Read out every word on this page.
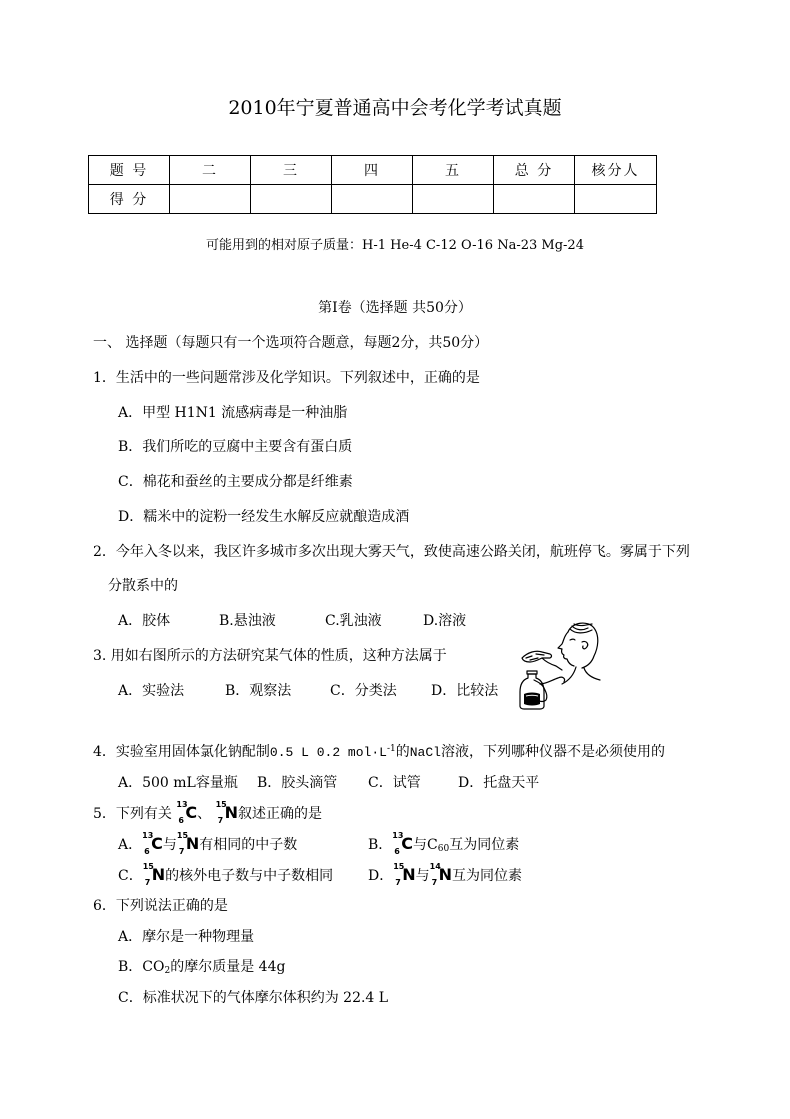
2010年宁夏普通高中会考化学考试真题
题 号	二	三	四	五	总 分	核分人
得 分						
可能用到的相对原子质量：H-1 He-4 C-12 O-16 Na-23 Mg-24
第Ⅰ卷（选择题 共50分）
一、 选择题（每题只有一个选项符合题意，每题2分，共50分）
1．生活中的一些问题常涉及化学知识。下列叙述中，正确的是
A．甲型 H1N1 流感病毒是一种油脂
B．我们所吃的豆腐中主要含有蛋白质
C．棉花和蚕丝的主要成分都是纤维素
D．糯米中的淀粉一经发生水解反应就酿造成酒
2．今年入冬以来，我区许多城市多次出现大雾天气，致使高速公路关闭，航班停飞。雾属于下列
分散系中的
A．胶体	B.悬浊液	C.乳浊液	D.溶液
3. 用如右图所示的方法研究某气体的性质，这种方法属于
A．实验法	B．观察法	C．分类法 D．比较法
4．实验室用固体氯化钠配制0.5 L 0.2 $mol\cdot L^{-1}$的NaCl溶液，下列哪种仪器不是必须使用的
A．500 mL容量瓶 B．胶头滴管 C．试管	D．托盘天平
5．下列有关
13
6 C、
15
7 N叙述正确的是
A．
13
6 C与
15
7 N有相同的中子数	B．
13
6 C与$C_{60}$互为同位素
C．
15
7 N的核外电子数与中子数相同 D．
15
7 N与
14
7 N互为同位素
6．下列说法正确的是
A．摩尔是一种物理量
B．$CO_2$的摩尔质量是 44g
C．标准状况下的气体摩尔体积约为 22.4 L
